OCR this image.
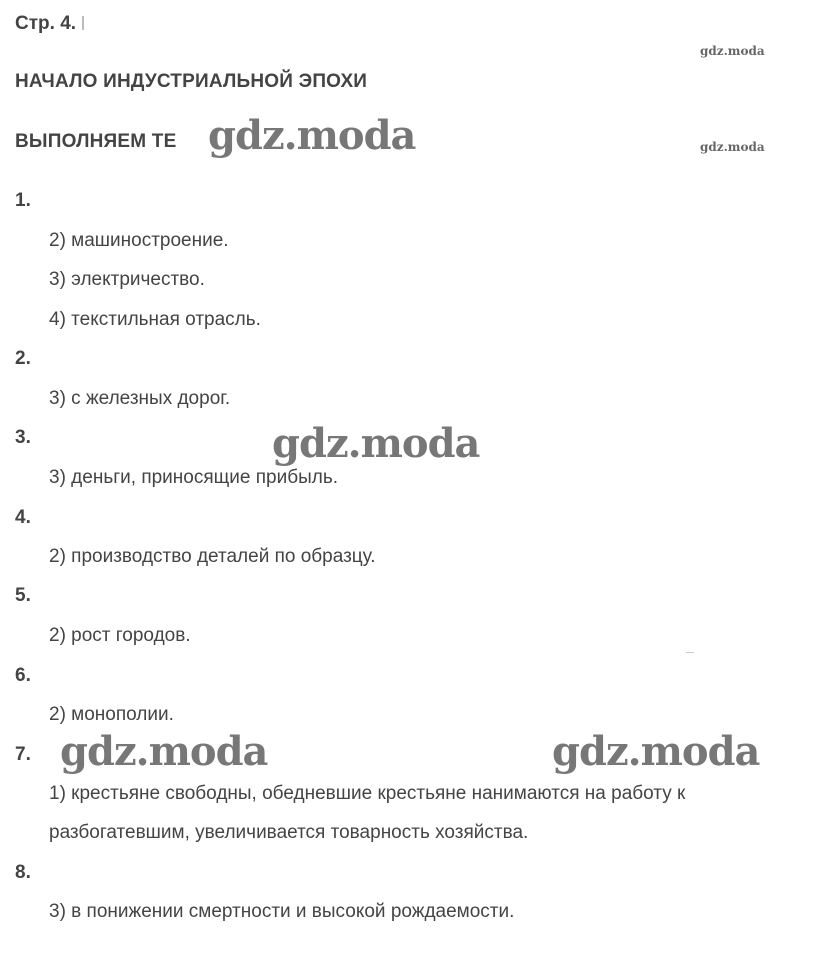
Стр. 4.
НАЧАЛО ИНДУСТРИАЛЬНОЙ ЭПОХИ
ВЫПОЛНЯЕМ ТЕ
1.
2) машиностроение.
3) электричество.
4) текстильная отрасль.
2.
3) с железных дорог.
3.
3) деньги, приносящие прибыль.
4.
2) производство деталей по образцу.
5.
2) рост городов.
6.
2) монополии.
7.
1) крестьяне свободны, обедневшие крестьяне нанимаются на работу к
разбогатевшим, увеличивается товарность хозяйства.
8.
3) в понижении смертности и высокой рождаемости.
gdz.moda
gdz.moda
gdz.moda
gdz.moda
gdz.moda	gdz.moda
